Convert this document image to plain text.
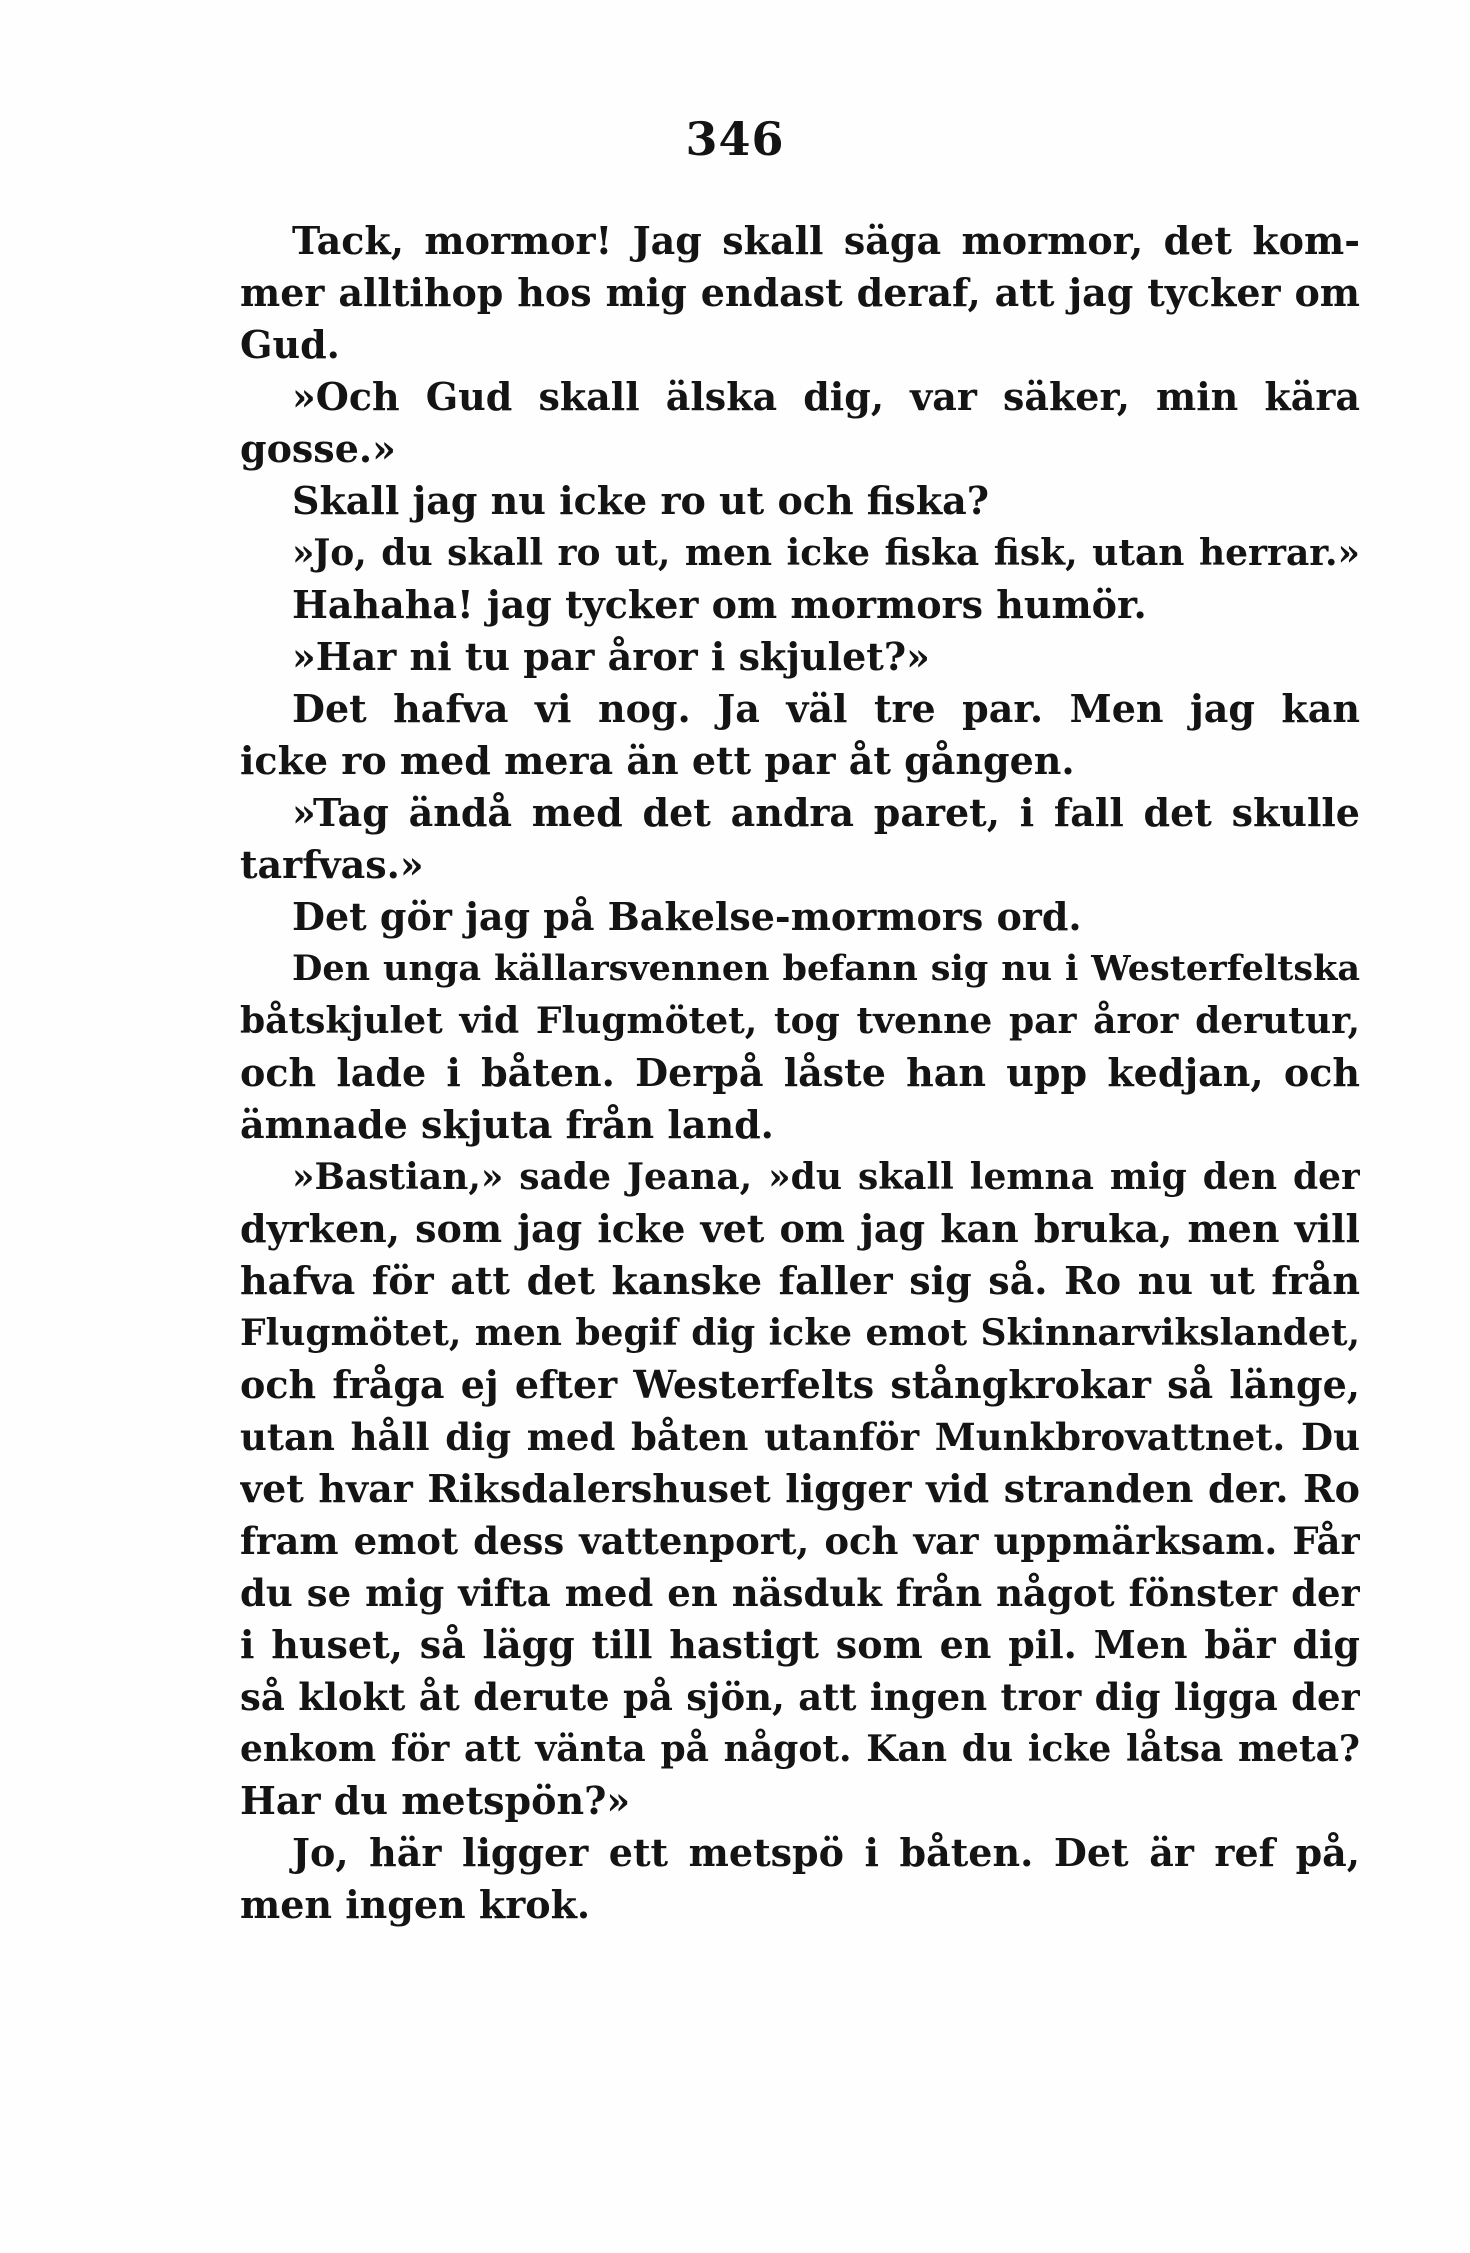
346
Tack, mormor! Jag skall säga mormor, det kom-
mer alltihop hos mig endast deraf, att jag tycker om
Gud.
»Och Gud skall älska dig, var säker, min kära
gosse.»
Skall jag nu icke ro ut och fiska?
»Jo, du skall ro ut, men icke fiska fisk, utan herrar.»
Hahaha! jag tycker om mormors humör.
»Har ni tu par åror i skjulet?»
Det hafva vi nog. Ja väl tre par. Men jag kan
icke ro med mera än ett par åt gången.
»Tag ändå med det andra paret, i fall det skulle
tarfvas.»
Det gör jag på Bakelse-mormors ord.
Den unga källarsvennen befann sig nu i Westerfeltska
båtskjulet vid Flugmötet, tog tvenne par åror derutur,
och lade i båten. Derpå låste han upp kedjan, och
ämnade skjuta från land.
»Bastian,» sade Jeana, »du skall lemna mig den der
dyrken, som jag icke vet om jag kan bruka, men vill
hafva för att det kanske faller sig så. Ro nu ut från
Flugmötet, men begif dig icke emot Skinnarvikslandet,
och fråga ej efter Westerfelts stångkrokar så länge,
utan håll dig med båten utanför Munkbrovattnet. Du
vet hvar Riksdalershuset ligger vid stranden der. Ro
fram emot dess vattenport, och var uppmärksam. Får
du se mig vifta med en näsduk från något fönster der
i huset, så lägg till hastigt som en pil. Men bär dig
så klokt åt derute på sjön, att ingen tror dig ligga der
enkom för att vänta på något. Kan du icke låtsa meta?
Har du metspön?»
Jo, här ligger ett metspö i båten. Det är ref på,
men ingen krok.
